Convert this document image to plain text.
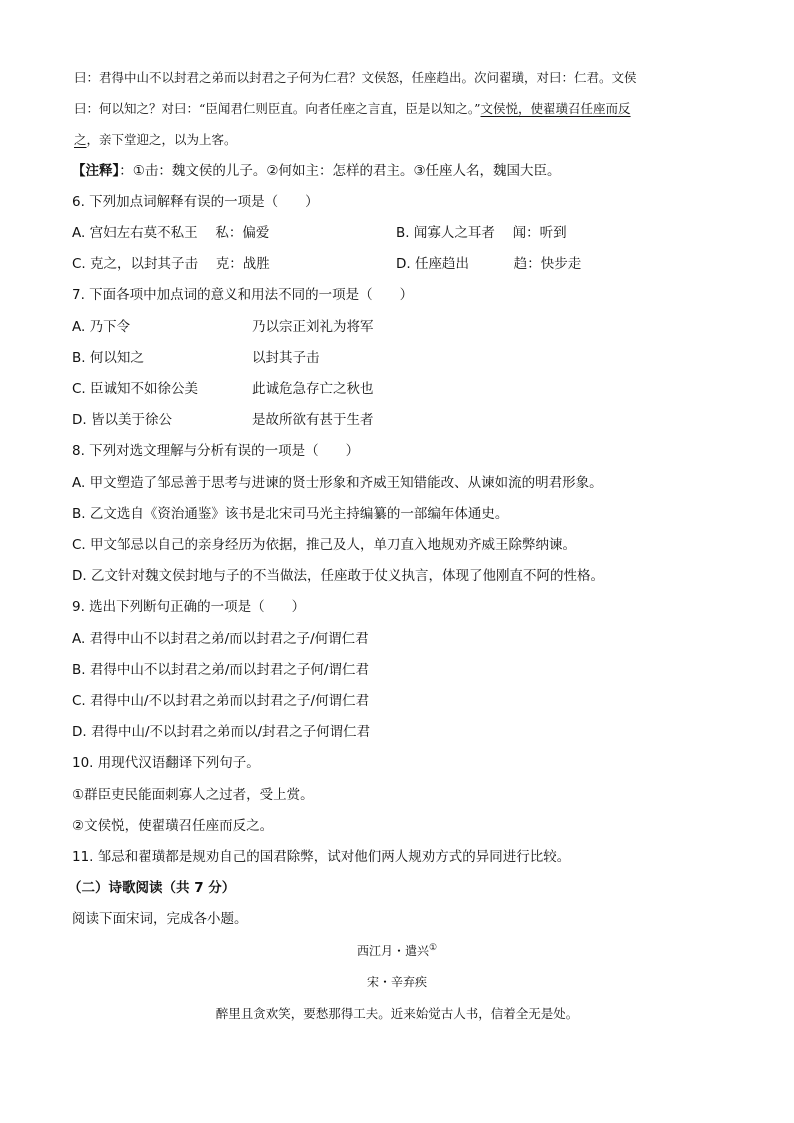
曰：君得中山不以封君之弟而以封君之子何为仁君？文侯怒，任座趋出。次问翟璜，对曰：仁君。文侯
曰：何以知之？对曰：“臣闻君仁则臣直。向者任座之言直，臣是以知之。”文侯悦，使翟璜召任座而反
之，亲下堂迎之，以为上客。
【注释】：①击：魏文侯的儿子。②何如主：怎样的君主。③任座人名，魏国大臣。
6. 下列加点词解释有误的一项是（　　）
A. 宫妇左右莫不私王　 私：偏爱	B. 闻寡人之耳者　 闻：听到
C. 克之，以封其子击　 克：战胜	D. 任座趋出　　　 趋：快步走
7. 下面各项中加点词的意义和用法不同的一项是（　　）
A. 乃下令	乃以宗正刘礼为将军
B. 何以知之	以封其子击
C. 臣诚知不如徐公美	此诚危急存亡之秋也
D. 皆以美于徐公	是故所欲有甚于生者
8. 下列对选文理解与分析有误的一项是（　　）
A. 甲文塑造了邹忌善于思考与进谏的贤士形象和齐威王知错能改、从谏如流的明君形象。
B. 乙文选自《资治通鉴》该书是北宋司马光主持编纂的一部编年体通史。
C. 甲文邹忌以自己的亲身经历为依据，推己及人，单刀直入地规劝齐威王除弊纳谏。
D. 乙文针对魏文侯封地与子的不当做法，任座敢于仗义执言，体现了他刚直不阿的性格。
9. 选出下列断句正确的一项是（　　）
A. 君得中山不以封君之弟/而以封君之子/何谓仁君
B. 君得中山不以封君之弟/而以封君之子何/谓仁君
C. 君得中山/不以封君之弟而以封君之子/何谓仁君
D. 君得中山/不以封君之弟而以/封君之子何谓仁君
10. 用现代汉语翻译下列句子。
①群臣吏民能面刺寡人之过者，受上赏。
②文侯悦，使翟璜召任座而反之。
11. 邹忌和翟璜都是规劝自己的国君除弊，试对他们两人规劝方式的异同进行比较。
（二）诗歌阅读（共 7 分）
阅读下面宋词，完成各小题。
西江月・遣兴①
宋・辛弃疾
醉里且贪欢笑，要愁那得工夫。近来始觉古人书，信着全无是处。
